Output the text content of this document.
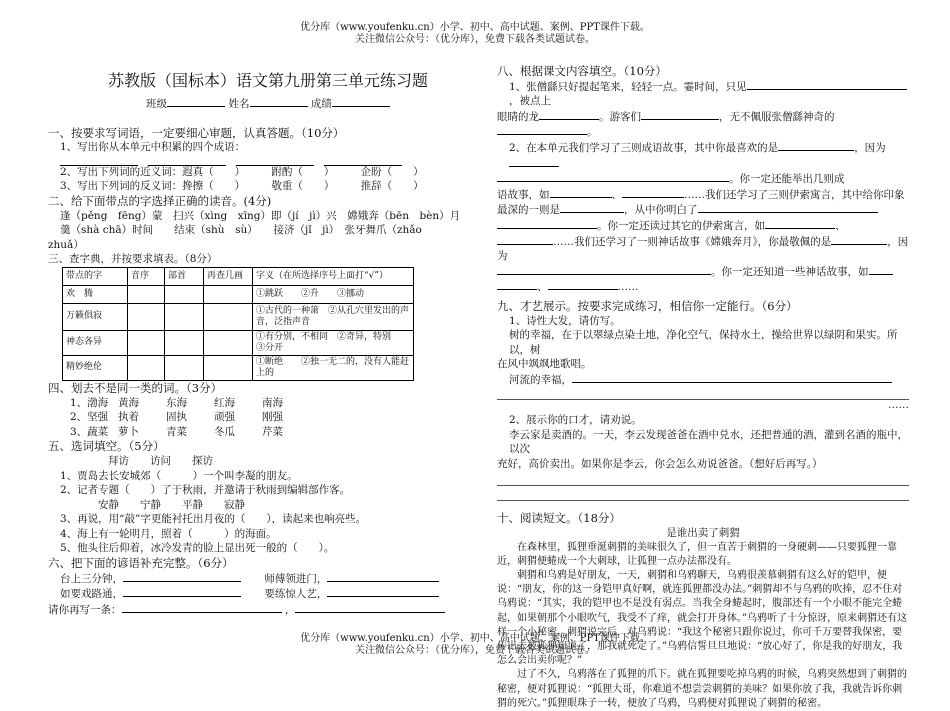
优分库（www.youfenku.cn）小学、初中、高中试题、案例、PPT课件下载。
关注微信公众号：（优分库），免费下载各类试题试卷。
苏教版（国标本）语文第九册第三单元练习题
班级	姓名	成绩

一、按要求写词语，一定要细心审题，认真答题。（10分）

1、写出你从本单元中积累的四个成语：

2、写出下列词的近义词：遐真（　　）　　　跗酌（　　）　　　企盼（　　）

3、写出下列词的反义词：搀擦（　　）　　　敬重（　　）　　　推辞（　　）

二、给下面带点的字选择正确的读音。(4分)

逢（pěng　fēng）蒙　扫兴（xìng　xīng）即（jí　jì）兴　嫦娥奔（bēn　bèn）月

羹（shà chā）时间　　结束（shù　sù）　　接济（jǐ　jì）　张牙舞爪（zhǎo

zhuǎ）

三、查字典，并按要求填表。（8分）

带点的字	音序	部首	再查几画	字义（在所选择序号上面打“√”）
欢　腾				①跳跃　　②升　　③挪动
万籁俱寂				①古代的一种箫　②从孔穴里发出的声音，泛指声音
神态各异				①有分别，不相同　②奇异，特别　　③分开
精妙绝伦				①断绝　　②独一无二的，没有人能赶上的

四、划去不是同一类的词。（3分）

1、渤海 黄海	东海	红海	南海
2、坚强 执着	固执	顽强	刚强
3、蔬菜 萝卜	青菜	冬瓜	芹菜

五、选词填空。（5分）

拜访　　访问　　探访

1、贾岛去长安城郊（　　　）一个叫李凝的朋友。

2、记者专题（　　）了于秋雨，并邀请于秋雨到编辑部作客。

安静　　宁静　　平静　　寂静

3、再说，用“敲”字更能衬托出月夜的（　　），读起来也响亮些。

4、海上有一轮明月，照着（　　　）的海面。

5、他头往后仰着，冰冷发青的脸上显出死一般的（　　）。

六、把下面的谚语补充完整。（6分）

台上三分钟，	师傅领进门，

如要戏路通，	要练惊人艺，

请你再写一条：	，

八、根据课文内容填空。（10分）

1、张僧繇只好提起笔来，轻轻一点。霎时间，只见，被点上

眼睛的龙	。游客们	，无不佩服张僧繇神奇的。

2、在本单元我们学习了三则成语故事，其中你最喜欢的是	，因为

。你一定还能举出几则成

语故事，如	、	……我们还学习了三则伊索寓言，其中给你印象

最深的一则是	，从中你明白了

。你一定还读过其它的伊索寓言，如	、

……我们还学习了一则神话故事《嫦娥奔月》，你最敬佩的是	，因为

。你一定还知道一些神话故事，如

、	……

九、才艺展示。按要求完成练习，相信你一定能行。（6分）

1、诗性大发，请仿写。

树的幸福，在于以翠绿点染土地，净化空气，保持水土，操给世界以绿阴和果实。所以，树

在风中飒飒地歌唱。

河流的幸福，

……

2、展示你的口才，请劝说。

李云家是卖酒的。一天，李云发现爸爸在酒中兑水，还把普通的酒，灌到名酒的瓶中，以次

充好，高价卖出。如果你是李云，你会怎么劝说爸爸。（想好后再写。）

十、阅读短文。（18分）

是谁出卖了刺猬

在森林里，狐狸垂涎刺猬的美味很久了，但一直苦于刺猬的一身硬刺——只要狐狸一靠近，刺猬便蜷成一个大刺球，让狐狸一点办法都没有。

刺猬和乌鸦是好朋友，一天，刺猬和乌鸦聊天，乌鸦很羡慕刺猬有这么好的铠甲，便说：“朋友，你的这一身铠甲真好啊，就连狐狸都没办法。”刺猬却不与乌鸦的吹捧，忍不住对乌鸦说：“其实，我的铠甲也不是没有弱点。当我全身蜷起时，腹部还有一个小眼不能完全蜷起，如果朝那个小眼吹气，我受不了痒，就会打开身体。”乌鸦听了十分惊讶，原来刺猬还有这样一个小秘密。刺猬说完后，对乌鸦说：“我这个秘密只跟你说过，你可千万要替我保密，要传出去被狐狸知道了，那我就死定了。”乌鸦信誓旦旦地说：“放心好了，你是我的好朋友，我怎么会出卖你呢？”

过了不久，乌鸦落在了狐狸的爪下。就在狐狸要吃掉乌鸦的时候，乌鸦突然想到了刺猬的秘密，便对狐狸说：“狐狸大哥，你难道不想尝尝刺猬的美味？如果你放了我，我就告诉你刺猬的死穴。”狐狸眼珠子一转，便放了乌鸦，乌鸦便对狐狸说了刺猬的秘密。

优分库（www.youfenku.cn）小学、初中、高中试题、案例、PPT课件下载。
关注微信公众号：（优分库），免费下载各类试题试卷。
